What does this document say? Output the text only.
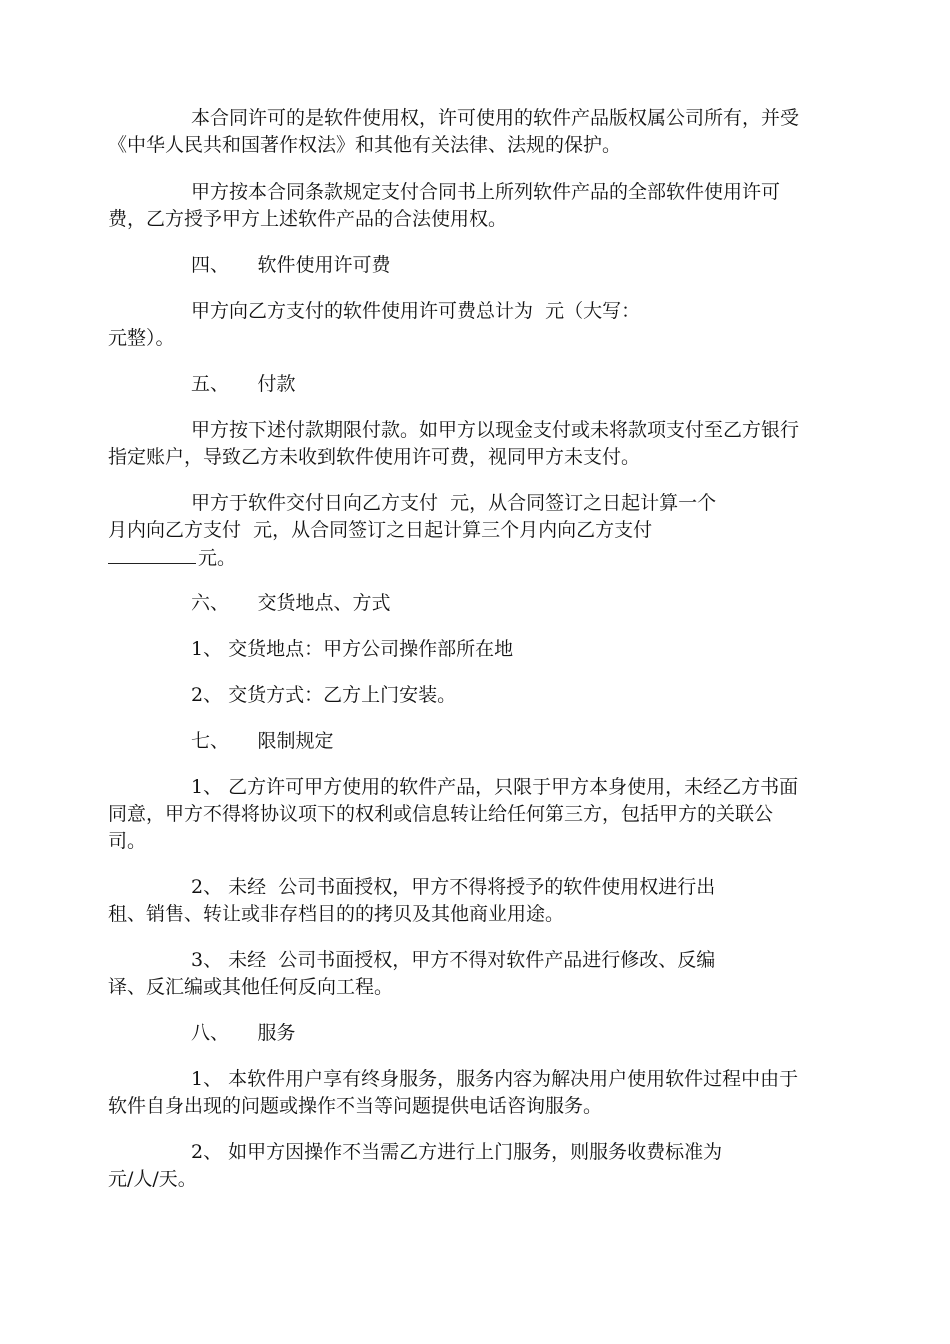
本合同许可的是软件使用权，许可使用的软件产品版权属公司所有，并受

《中华人民共和国著作权法》和其他有关法律、法规的保护。

甲方按本合同条款规定支付合同书上所列软件产品的全部软件使用许可

费，乙方授予甲方上述软件产品的合法使用权。

四、　　软件使用许可费

甲方向乙方支付的软件使用许可费总计为  元（大写：

元整）。

五、　　付款

甲方按下述付款期限付款。如甲方以现金支付或未将款项支付至乙方银行

指定账户，导致乙方未收到软件使用许可费，视同甲方未支付。

甲方于软件交付日向乙方支付  元，从合同签订之日起计算一个

月内向乙方支付  元，从合同签订之日起计算三个月内向乙方支付

元。

六、　　交货地点、方式

1、 交货地点：甲方公司操作部所在地

2、 交货方式：乙方上门安装。

七、　　限制规定

1、 乙方许可甲方使用的软件产品，只限于甲方本身使用，未经乙方书面

同意，甲方不得将协议项下的权利或信息转让给任何第三方，包括甲方的关联公

司。

2、 未经  公司书面授权，甲方不得将授予的软件使用权进行出

租、销售、转让或非存档目的的拷贝及其他商业用途。

3、 未经  公司书面授权，甲方不得对软件产品进行修改、反编

译、反汇编或其他任何反向工程。

八、　　服务

1、 本软件用户享有终身服务，服务内容为解决用户使用软件过程中由于

软件自身出现的问题或操作不当等问题提供电话咨询服务。

2、 如甲方因操作不当需乙方进行上门服务，则服务收费标准为

元/人/天。
